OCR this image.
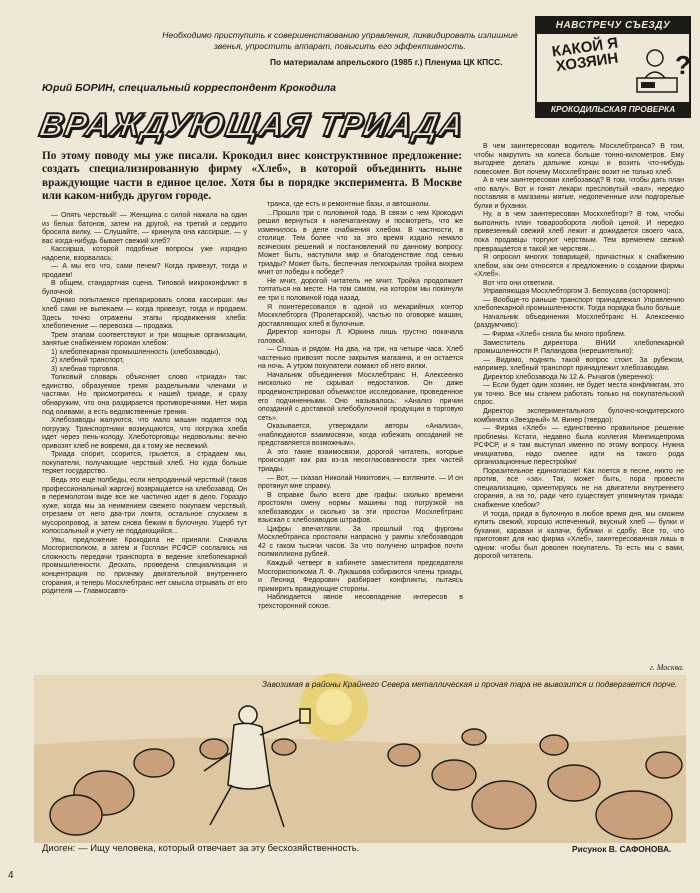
Необходимо приступить к совершенствованию управления, ликвидировать излишние звенья, упростить аппарат, повысить его эффективность.
По материалам апрельского (1985 г.) Пленума ЦК КПСС.
НАВСТРЕЧУ СЪЕЗДУ
КАКОЙ Я ХОЗЯИН	?
КРОКОДИЛЬСКАЯ ПРОВЕРКА
Юрий БОРИН, специальный корреспондент Крокодила
ВРАЖДУЮЩАЯ ТРИАДА
По этому поводу мы уже писали. Крокодил внес конструктивное предложение: создать специализированную фирму «Хлеб», в которой объединить ныне враждующие части в единое целое. Хотя бы в порядке эксперимента. В Москве или каком-нибудь другом городе.

— Опять черствый! — Женщина с силой нажала на один из белых батонов, затем на другой, на третий и сердито бросила вилку. — Слушайте, — крикнула она кассирше, — у вас когда-нибудь бывает свежий хлеб?

Кассирша, которой подобные вопросы уже изрядно надоели, взорвалась:

— А мы его что, сами печем? Когда привезут, тогда и продаем!

В общем, стандартная сцена. Типовой микроконфликт в булочной.

Однако попытаемся препарировать слова кассирши: мы хлеб сами не выпекаем — когда привезут, тогда и продаем. Здесь точно отражены этапы продвижения хлеба: хлебопечение — перевозка — продажа.

Трем этапам соответствуют и три мощные организации, занятые снабжением горожан хлебом:

1) хлебопекарная промышленность (хлебозаводы),

2) хлебный транспорт,

3) хлебная торговля.

Толковый словарь объясняет слово «триада» так: единство, образуемое тремя раздельными членами и частями. Но присмотритесь к нашей триаде, и сразу обнаружим, что она раздирается противоречиями. Нет мира под оливами, а есть ведомственные трения.

Хлебозаводы жалуются, что мало машин подается под погрузку. Транспортники возмущаются, что погрузка хлеба идет через пень-колоду. Хлеботорговцы недовольны: вечно привозят хлеб не вовремя, да к тому же несвежий.

Триада спорит, ссорится, грызется, а страдаем мы, покупатели, получающие черствый хлеб. Но куда больше теряет государство.

Ведь это еще полбеды, если непроданный черствый (таков профессиональный жаргон) возвращается на хлебозавод. Он в перемолотом виде все же частично идет в дело. Гораздо хуже, когда мы за неимением свежего покупаем черствый, отрезаем от него два-три ломтя, остальное спускаем в мусоропровод, а затем снова бежим в булочную. Ущерб тут колоссальный и учету не поддающийся...

Увы, предложение Крокодила не приняли. Сначала Мосгорисполком, а затем и Госплан РСФСР сослались на сложность передачи транспорта в ведение хлебопекарной промышленности. Дескать, проведена специализация и концентрация по признаку двигательной внутреннего сгорания, и теперь Мосхлебтранс нет смысла отрывать от его родителя — Главмосавто-

транса, где есть и ремонтные базы, и автошколы.

...Прошло три с половиной года. В связи с чем Крокодил решил вернуться к напечатанному и посмотреть, что же изменилось в деле снабжения хлебом. В частности, в столице. Тем более что за это время издано немало всяческих решений и постановлений по данному вопросу. Может быть, наступили мир и благоденствие под сенью триады? Может быть, беспечная легкокрылая тройка вихрем мчит от победы к победе?

Не мчит, дорогой читатель не мчит. Тройка продолжает топтаться на месте. На том самом, на котором мы покинули ее три с половиной года назад.

Я поинтересовался в одной из мекарийных контор Москхлебторга (Пролетарской), частью по оговорке машин, доставляющих хлеб в булочные.

Директор конторы Л. Юркина лишь грустно покачала головой.

— Слошь и рядом. На два, на три, на четыре часа. Хлеб частенько привозят после закрытия магазина, и он остается на ночь. А утром покупатели ломают об него вилки.

Начальник объединения Мосхлебтранс Н. Алексеенко нисколько не скрывал недостатков. Он даже продемонстрировал объемистое исследование, проведенное его подчиненными. Оно называлось: «Анализ причин опозданий с доставкой хлебобулочной продукции в торговую сеть».

Оказывается, утверждали авторы «Анализа», «наблюдаются взаимосвязи, когда избежать опозданий не представляется возможным».

А это такие взаимосвязи, дорогой читатель, которые происходят как раз из-за несогласованности трех частей триады.

— Вот, — сказал Николай Никитович, — взгляните. — И он протянул мне справку.

В справке было всего две графы: сколько времени простояли смену нормы машины под погрузкой на хлебозаводах и сколько за эти простои Мосхлебтранс взыскал с хлебозаводов штрафов.

Цифры впечатляли. За прошлый год фургоны Мосхлебтранса простояли напрасно у рампы хлебозаводов 42 с гаком тысячи часов. За что получено штрафов почти полмиллиона рублей.

Каждый четверг в кабинете заместителя председателя Мосгорисполкома Л. Ф. Лукашова собираются члены триады, и Леонид Федорович разбирает конфликты, пытаясь примирить враждующие стороны.

Наблюдается явное несовпадение интересов в трехсторонний союзе.

В чем заинтересован водитель Мосхлебтранса? В том, чтобы накрутить на колеса больше тонно-километров. Ему выгоднее делать дальние концы и возить что-нибудь повесомее. Вот почему Мосхлебтранс возит не только хлеб.

А в чем заинтересован хлебозавод? В том, чтобы дать план «по валу». Вот и гонят лекари пресловутый «вал», нередко поставляя в магазины мятые, недопеченные или подгорелые булки и буханки.

Ну, а в чем заинтересован Москхлебторг? В том, чтобы выполнить план товарооборота любой ценой. И нередко привезенный свежий хлеб лежит и дожидается своего часа, пока продавцы торгуют черствым. Тем временем свежий превращается в такой же черствяк...

Я опросил многих товарищей, причастных к снабжению хлебом, как они относятся к предложению о создании фирмы «Хлеб».

Вот что они ответили.

Управляющая Мосхлебторгом З. Белоусова (осторожно):

— Вообще-то раньше транспорт принадлежал Управлению хлебопекарной промышленности. Тогда порядка было больше.

Начальник объединения Мосхлебтранс Н. Алексеенко (раздумчиво):

— Фирма «Хлеб» сняла бы много проблем.

Заместитель директора ВНИИ хлебопекарной промышленности Р. Паландова (нерешительно):

— Видимо, поднять такой вопрос стоит. За рубежом, например, хлебный транспорт принадлежит хлебозаводам.

Директор хлебозавода № 12 А. Рычагов (уверенно):

— Если будет один хозяин, не будет места конфликтам, это уж точно. Все мы станем работать только на покупательский спрос.

Директор экспериментального булочно-кондитерского комбината «Звездный» М. Винер (твердо):

— Фирма «Хлеб» — единственно правильное решение проблемы. Кстати, недавно была коллегия Минпищепрома РСФСР, и я там выступал именно по этому вопросу. Нужна инициатива, надо смелее идти на такого рода организационные перестройки!

Поразительное единогласие! Как поется в песне, никто не против, все «за». Так, может быть, пора провести специализацию, ориентируясь не на двигатели внутреннего сгорания, а на то, ради чего существует упомянутая триада: снабжение хлебом?

И тогда, придя в булочную в любое время дня, мы сможем купить свежий, хорошо испеченный, вкусный хлеб — булки и буханки, караваи и калачи, бублики и сдобу. Все то, что приготовят для нас фирма «Хлеб», заинтересованная лишь в одном: чтобы был доволен покупатель. То есть мы с вами, дорогой читатель.

г. Москва.
Завозимая в районы Крайнего Севера металлическая и прочая тара не вывозится и подвергается порче.
Диоген: — Ищу человека, который отвечает за эту бесхозяйственность.	Рисунок В. САФОНОВА.
4
